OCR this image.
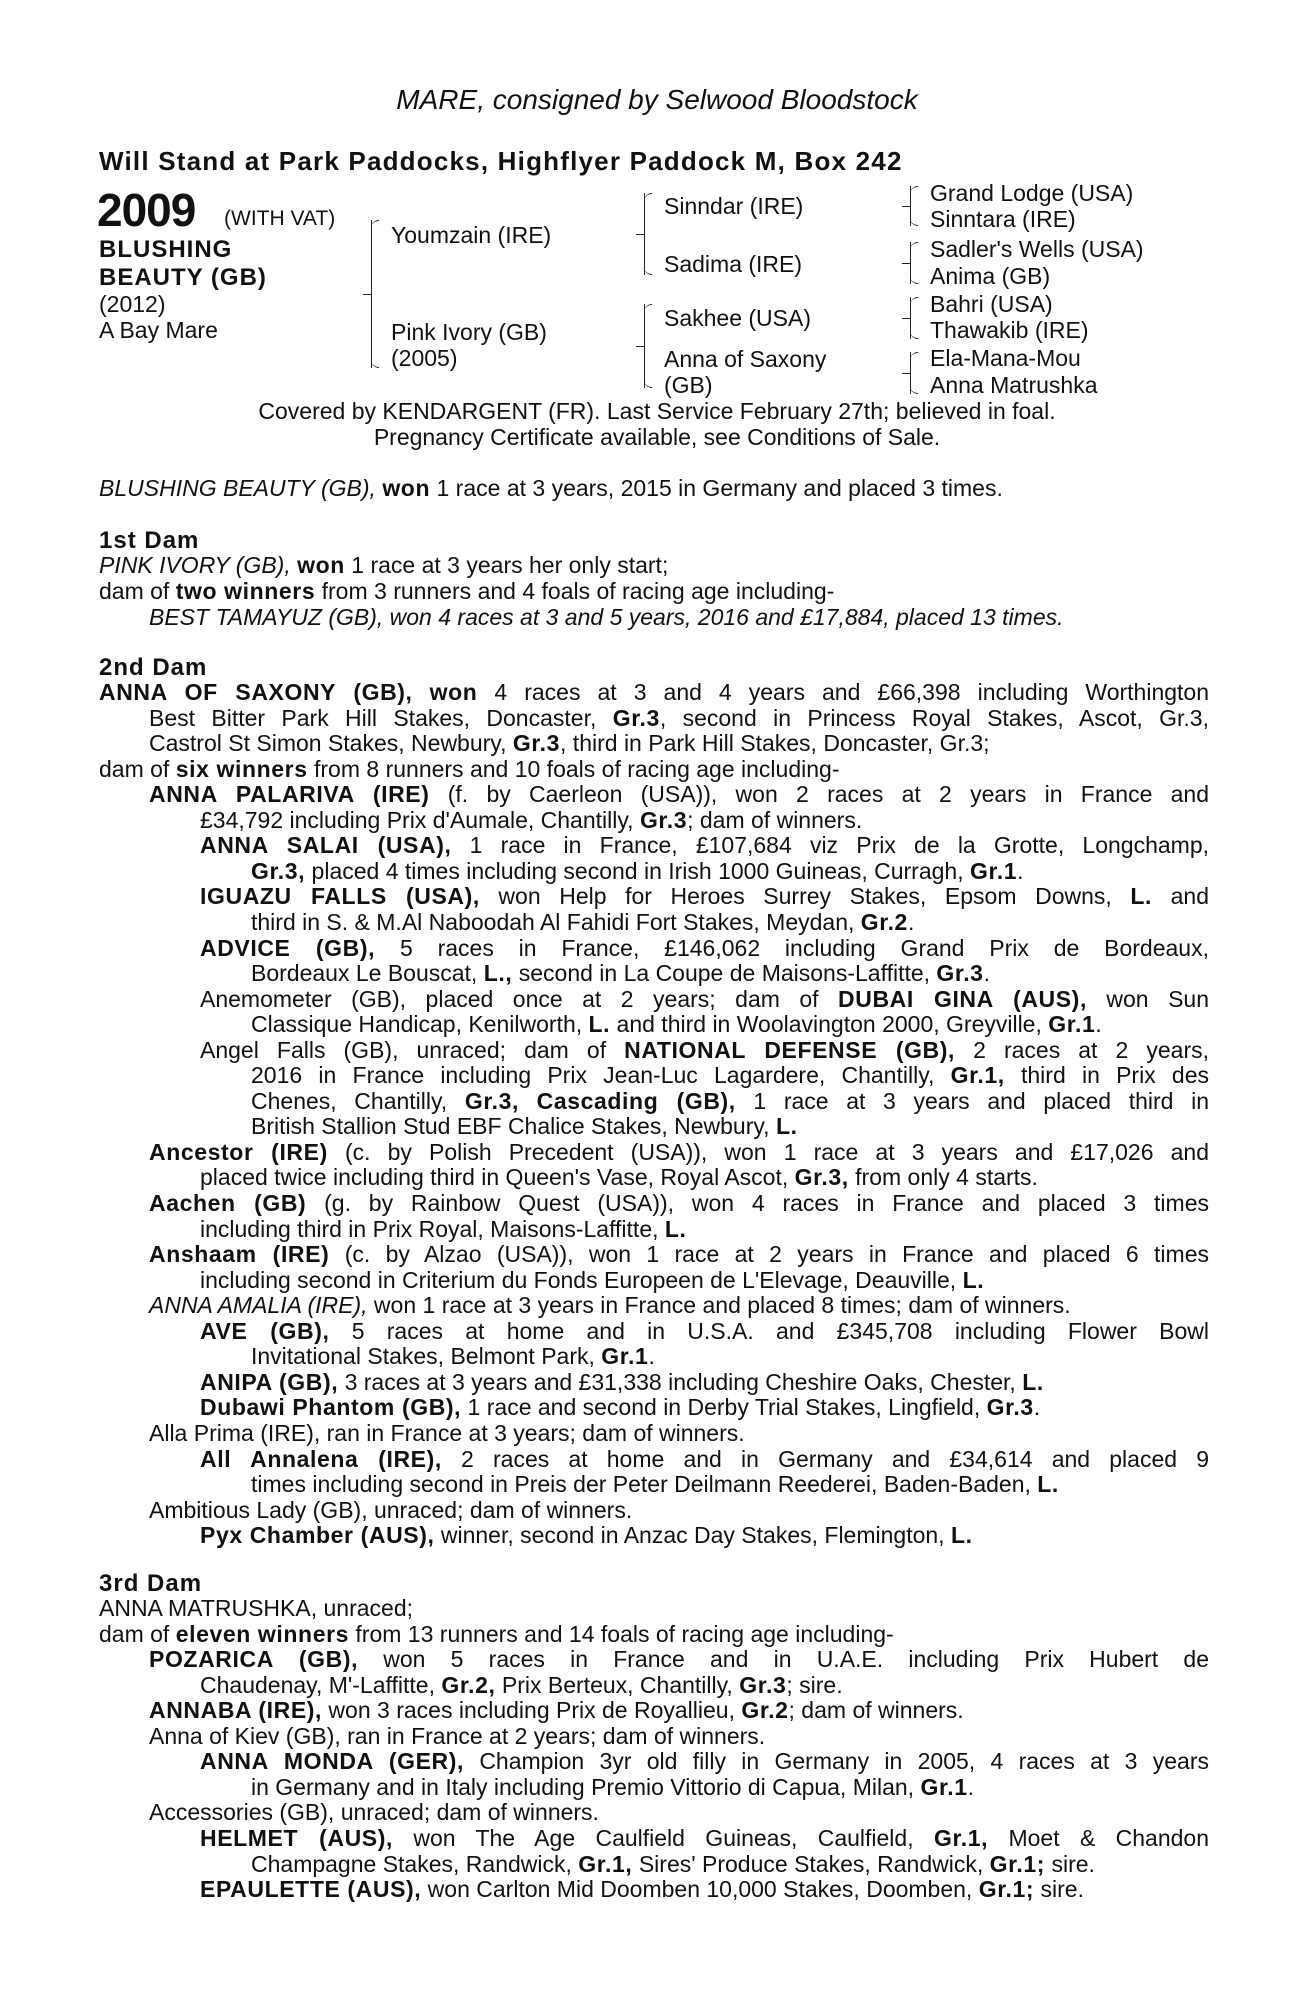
MARE, consigned by Selwood Bloodstock
Will Stand at Park Paddocks, Highflyer Paddock M, Box 242
2009 (WITH VAT)
BLUSHING
BEAUTY (GB)
(2012)
A Bay Mare
Youmzain (IRE)
Pink Ivory (GB)
(2005)
Sinndar (IRE)
Sadima (IRE)
Sakhee (USA)
Anna of Saxony
(GB)
Grand Lodge (USA)
Sinntara (IRE)
Sadler's Wells (USA)
Anima (GB)
Bahri (USA)
Thawakib (IRE)
Ela-Mana-Mou
Anna Matrushka
Covered by KENDARGENT (FR). Last Service February 27th; believed in foal.
Pregnancy Certificate available, see Conditions of Sale.
BLUSHING BEAUTY (GB), won 1 race at 3 years, 2015 in Germany and placed 3 times.
1st Dam
PINK IVORY (GB), won 1 race at 3 years her only start;
dam of two winners from 3 runners and 4 foals of racing age including-
BEST TAMAYUZ (GB), won 4 races at 3 and 5 years, 2016 and £17,884, placed 13 times.
2nd Dam
ANNA OF SAXONY (GB), won 4 races at 3 and 4 years and £66,398 including Worthington
Best Bitter Park Hill Stakes, Doncaster, Gr.3, second in Princess Royal Stakes, Ascot, Gr.3,
Castrol St Simon Stakes, Newbury, Gr.3, third in Park Hill Stakes, Doncaster, Gr.3;
dam of six winners from 8 runners and 10 foals of racing age including-
ANNA PALARIVA (IRE) (f. by Caerleon (USA)), won 2 races at 2 years in France and
£34,792 including Prix d'Aumale, Chantilly, Gr.3; dam of winners.
ANNA SALAI (USA), 1 race in France, £107,684 viz Prix de la Grotte, Longchamp,
Gr.3, placed 4 times including second in Irish 1000 Guineas, Curragh, Gr.1.
IGUAZU FALLS (USA), won Help for Heroes Surrey Stakes, Epsom Downs, L. and
third in S. & M.Al Naboodah Al Fahidi Fort Stakes, Meydan, Gr.2.
ADVICE (GB), 5 races in France, £146,062 including Grand Prix de Bordeaux,
Bordeaux Le Bouscat, L., second in La Coupe de Maisons-Laffitte, Gr.3.
Anemometer (GB), placed once at 2 years; dam of DUBAI GINA (AUS), won Sun
Classique Handicap, Kenilworth, L. and third in Woolavington 2000, Greyville, Gr.1.
Angel Falls (GB), unraced; dam of NATIONAL DEFENSE (GB), 2 races at 2 years,
2016 in France including Prix Jean-Luc Lagardere, Chantilly, Gr.1, third in Prix des
Chenes, Chantilly, Gr.3, Cascading (GB), 1 race at 3 years and placed third in
British Stallion Stud EBF Chalice Stakes, Newbury, L.
Ancestor (IRE) (c. by Polish Precedent (USA)), won 1 race at 3 years and £17,026 and
placed twice including third in Queen's Vase, Royal Ascot, Gr.3, from only 4 starts.
Aachen (GB) (g. by Rainbow Quest (USA)), won 4 races in France and placed 3 times
including third in Prix Royal, Maisons-Laffitte, L.
Anshaam (IRE) (c. by Alzao (USA)), won 1 race at 2 years in France and placed 6 times
including second in Criterium du Fonds Europeen de L'Elevage, Deauville, L.
ANNA AMALIA (IRE), won 1 race at 3 years in France and placed 8 times; dam of winners.
AVE (GB), 5 races at home and in U.S.A. and £345,708 including Flower Bowl
Invitational Stakes, Belmont Park, Gr.1.
ANIPA (GB), 3 races at 3 years and £31,338 including Cheshire Oaks, Chester, L.
Dubawi Phantom (GB), 1 race and second in Derby Trial Stakes, Lingfield, Gr.3.
Alla Prima (IRE), ran in France at 3 years; dam of winners.
All Annalena (IRE), 2 races at home and in Germany and £34,614 and placed 9
times including second in Preis der Peter Deilmann Reederei, Baden-Baden, L.
Ambitious Lady (GB), unraced; dam of winners.
Pyx Chamber (AUS), winner, second in Anzac Day Stakes, Flemington, L.
3rd Dam
ANNA MATRUSHKA, unraced;
dam of eleven winners from 13 runners and 14 foals of racing age including-
POZARICA (GB), won 5 races in France and in U.A.E. including Prix Hubert de
Chaudenay, M'-Laffitte, Gr.2, Prix Berteux, Chantilly, Gr.3; sire.
ANNABA (IRE), won 3 races including Prix de Royallieu, Gr.2; dam of winners.
Anna of Kiev (GB), ran in France at 2 years; dam of winners.
ANNA MONDA (GER), Champion 3yr old filly in Germany in 2005, 4 races at 3 years
in Germany and in Italy including Premio Vittorio di Capua, Milan, Gr.1.
Accessories (GB), unraced; dam of winners.
HELMET (AUS), won The Age Caulfield Guineas, Caulfield, Gr.1, Moet & Chandon
Champagne Stakes, Randwick, Gr.1, Sires' Produce Stakes, Randwick, Gr.1; sire.
EPAULETTE (AUS), won Carlton Mid Doomben 10,000 Stakes, Doomben, Gr.1; sire.
